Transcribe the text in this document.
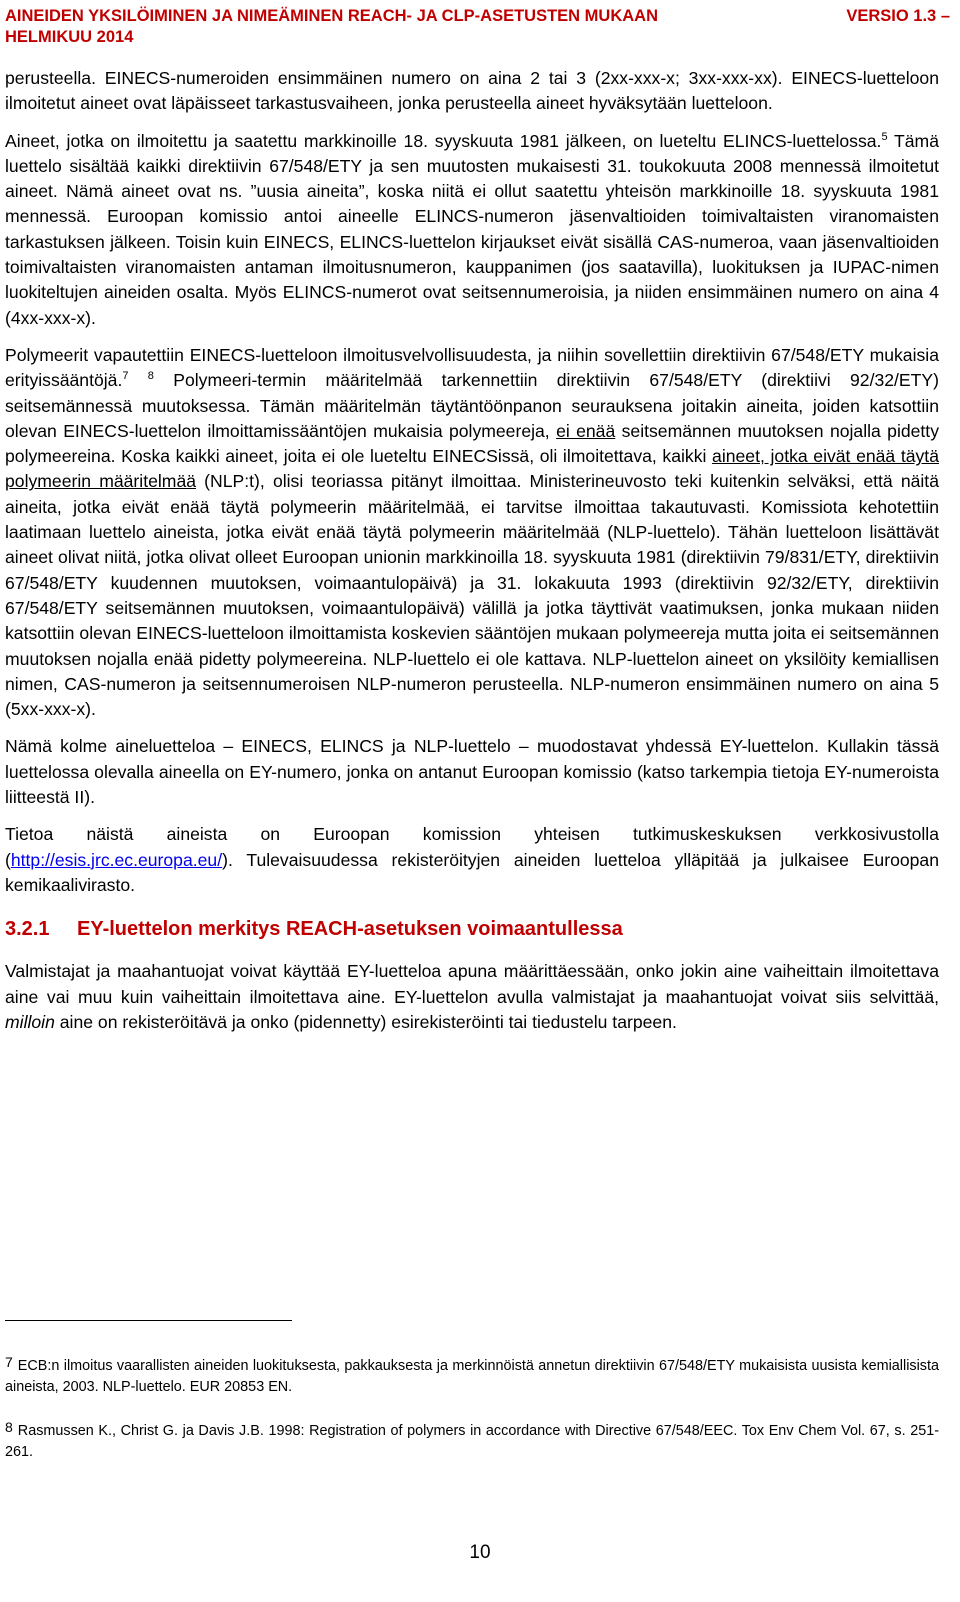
VERSIO 1.3 –
AINEIDEN YKSILÖIMINEN JA NIMEÄMINEN REACH- JA CLP-ASETUSTEN MUKAAN
HELMIKUU 2014

perusteella. EINECS-numeroiden ensimmäinen numero on aina 2 tai 3 (2xx-xxx-x; 3xx-xxx-xx). EINECS-luetteloon ilmoitetut aineet ovat läpäisseet tarkastusvaiheen, jonka perusteella aineet hyväksytään luetteloon.

Aineet, jotka on ilmoitettu ja saatettu markkinoille 18. syyskuuta 1981 jälkeen, on lueteltu ELINCS-luettelossa.$^5$ Tämä luettelo sisältää kaikki direktiivin 67/548/ETY ja sen muutosten mukaisesti 31. toukokuuta 2008 mennessä ilmoitetut aineet. Nämä aineet ovat ns. ”uusia aineita”, koska niitä ei ollut saatettu yhteisön markkinoille 18. syyskuuta 1981 mennessä. Euroopan komissio antoi aineelle ELINCS-numeron jäsenvaltioiden toimivaltaisten viranomaisten tarkastuksen jälkeen. Toisin kuin EINECS, ELINCS-luettelon kirjaukset eivät sisällä CAS-numeroa, vaan jäsenvaltioiden toimivaltaisten viranomaisten antaman ilmoitusnumeron, kauppanimen (jos saatavilla), luokituksen ja IUPAC-nimen luokiteltujen aineiden osalta. Myös ELINCS-numerot ovat seitsennumeroisia, ja niiden ensimmäinen numero on aina 4 (4xx-xxx-x).

Polymeerit vapautettiin EINECS-luetteloon ilmoitusvelvollisuudesta, ja niihin sovellettiin direktiivin 67/548/ETY mukaisia erityissääntöjä.$^7$ $^8$ Polymeeri-termin määritelmää tarkennettiin direktiivin 67/548/ETY (direktiivi 92/32/ETY) seitsemännessä muutoksessa. Tämän määritelmän täytäntöönpanon seurauksena joitakin aineita, joiden katsottiin olevan EINECS-luettelon ilmoittamissääntöjen mukaisia polymeereja, ei enää seitsemännen muutoksen nojalla pidetty polymeereina. Koska kaikki aineet, joita ei ole lueteltu EINECSissä, oli ilmoitettava, kaikki aineet, jotka eivät enää täytä polymeerin määritelmää (NLP:t), olisi teoriassa pitänyt ilmoittaa. Ministerineuvosto teki kuitenkin selväksi, että näitä aineita, jotka eivät enää täytä polymeerin määritelmää, ei tarvitse ilmoittaa takautuvasti. Komissiota kehotettiin laatimaan luettelo aineista, jotka eivät enää täytä polymeerin määritelmää (NLP-luettelo). Tähän luetteloon lisättävät aineet olivat niitä, jotka olivat olleet Euroopan unionin markkinoilla 18. syyskuuta 1981 (direktiivin 79/831/ETY, direktiivin 67/548/ETY kuudennen muutoksen, voimaantulopäivä) ja 31. lokakuuta 1993 (direktiivin 92/32/ETY, direktiivin 67/548/ETY seitsemännen muutoksen, voimaantulopäivä) välillä ja jotka täyttivät vaatimuksen, jonka mukaan niiden katsottiin olevan EINECS-luetteloon ilmoittamista koskevien sääntöjen mukaan polymeereja mutta joita ei seitsemännen muutoksen nojalla enää pidetty polymeereina. NLP-luettelo ei ole kattava. NLP-luettelon aineet on yksilöity kemiallisen nimen, CAS-numeron ja seitsennumeroisen NLP-numeron perusteella. NLP-numeron ensimmäinen numero on aina 5 (5xx-xxx-x).

Nämä kolme aineluetteloa – EINECS, ELINCS ja NLP-luettelo – muodostavat yhdessä EY-luettelon. Kullakin tässä luettelossa olevalla aineella on EY-numero, jonka on antanut Euroopan komissio (katso tarkempia tietoja EY-numeroista liitteestä II).

Tietoa näistä aineista on Euroopan komission yhteisen tutkimuskeskuksen verkkosivustolla (http://esis.jrc.ec.europa.eu/). Tulevaisuudessa rekisteröityjen aineiden luetteloa ylläpitää ja julkaisee Euroopan kemikaalivirasto.

3.2.1 EY-luettelon merkitys REACH-asetuksen voimaantullessa

Valmistajat ja maahantuojat voivat käyttää EY-luetteloa apuna määrittäessään, onko jokin aine vaiheittain ilmoitettava aine vai muu kuin vaiheittain ilmoitettava aine. EY-luettelon avulla valmistajat ja maahantuojat voivat siis selvittää, milloin aine on rekisteröitävä ja onko (pidennetty) esirekisteröinti tai tiedustelu tarpeen.

$^7$ ECB:n ilmoitus vaarallisten aineiden luokituksesta, pakkauksesta ja merkinnöistä annetun direktiivin 67/548/ETY mukaisista uusista kemiallisista aineista, 2003. NLP-luettelo. EUR 20853 EN.

$^8$ Rasmussen K., Christ G. ja Davis J.B. 1998: Registration of polymers in accordance with Directive 67/548/EEC. Tox Env Chem Vol. 67, s. 251-261.

10
